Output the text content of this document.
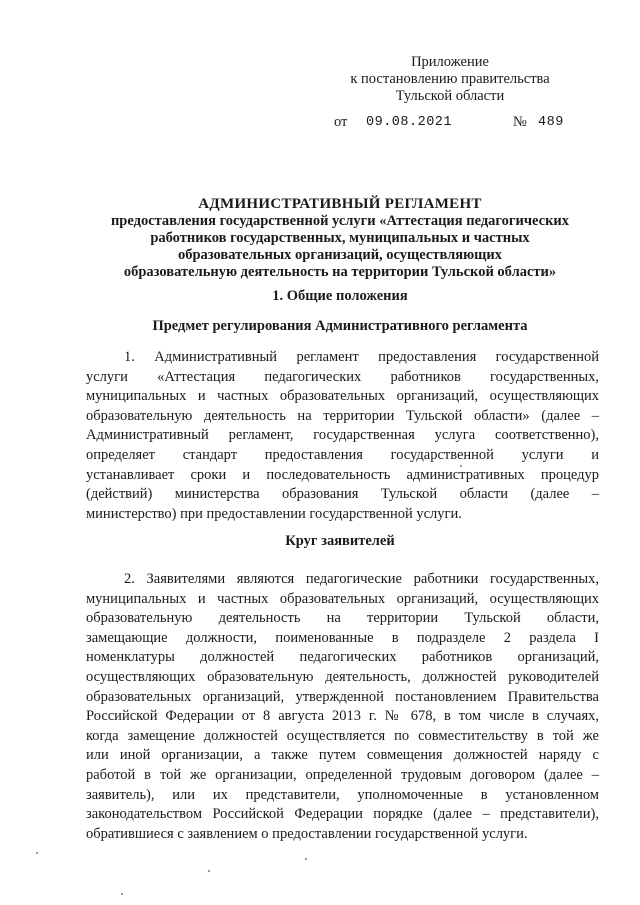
Приложение
к постановлению правительства
Тульской области
от 09.08.2021	№ 489
АДМИНИСТРАТИВНЫЙ РЕГЛАМЕНТ
предоставления государственной услуги «Аттестация педагогических
работников государственных, муниципальных и частных
образовательных организаций, осуществляющих
образовательную деятельность на территории Тульской области»
1. Общие положения
Предмет регулирования Административного регламента
1. Административный регламент предоставления государственной
услуги «Аттестация педагогических работников государственных,
муниципальных и частных образовательных организаций, осуществляющих
образовательную деятельность на территории Тульской области» (далее –
Административный регламент, государственная услуга соответственно),
определяет стандарт предоставления государственной услуги и
устанавливает сроки и последовательность административных процедур
(действий) министерства образования Тульской области (далее –
министерство) при предоставлении государственной услуги.
Круг заявителей
2. Заявителями являются педагогические работники государственных,
муниципальных и частных образовательных организаций, осуществляющих
образовательную деятельность на территории Тульской области,
замещающие должности, поименованные в подразделе 2 раздела I
номенклатуры должностей педагогических работников организаций,
осуществляющих образовательную деятельность, должностей руководителей
образовательных организаций, утвержденной постановлением Правительства
Российской Федерации от 8 августа 2013 г. № 678, в том числе в случаях,
когда замещение должностей осуществляется по совместительству в той же
или иной организации, а также путем совмещения должностей наряду с
работой в той же организации, определенной трудовым договором (далее –
заявитель), или их представители, уполномоченные в установленном
законодательством Российской Федерации порядке (далее – представители),
обратившиеся с заявлением о предоставлении государственной услуги.
